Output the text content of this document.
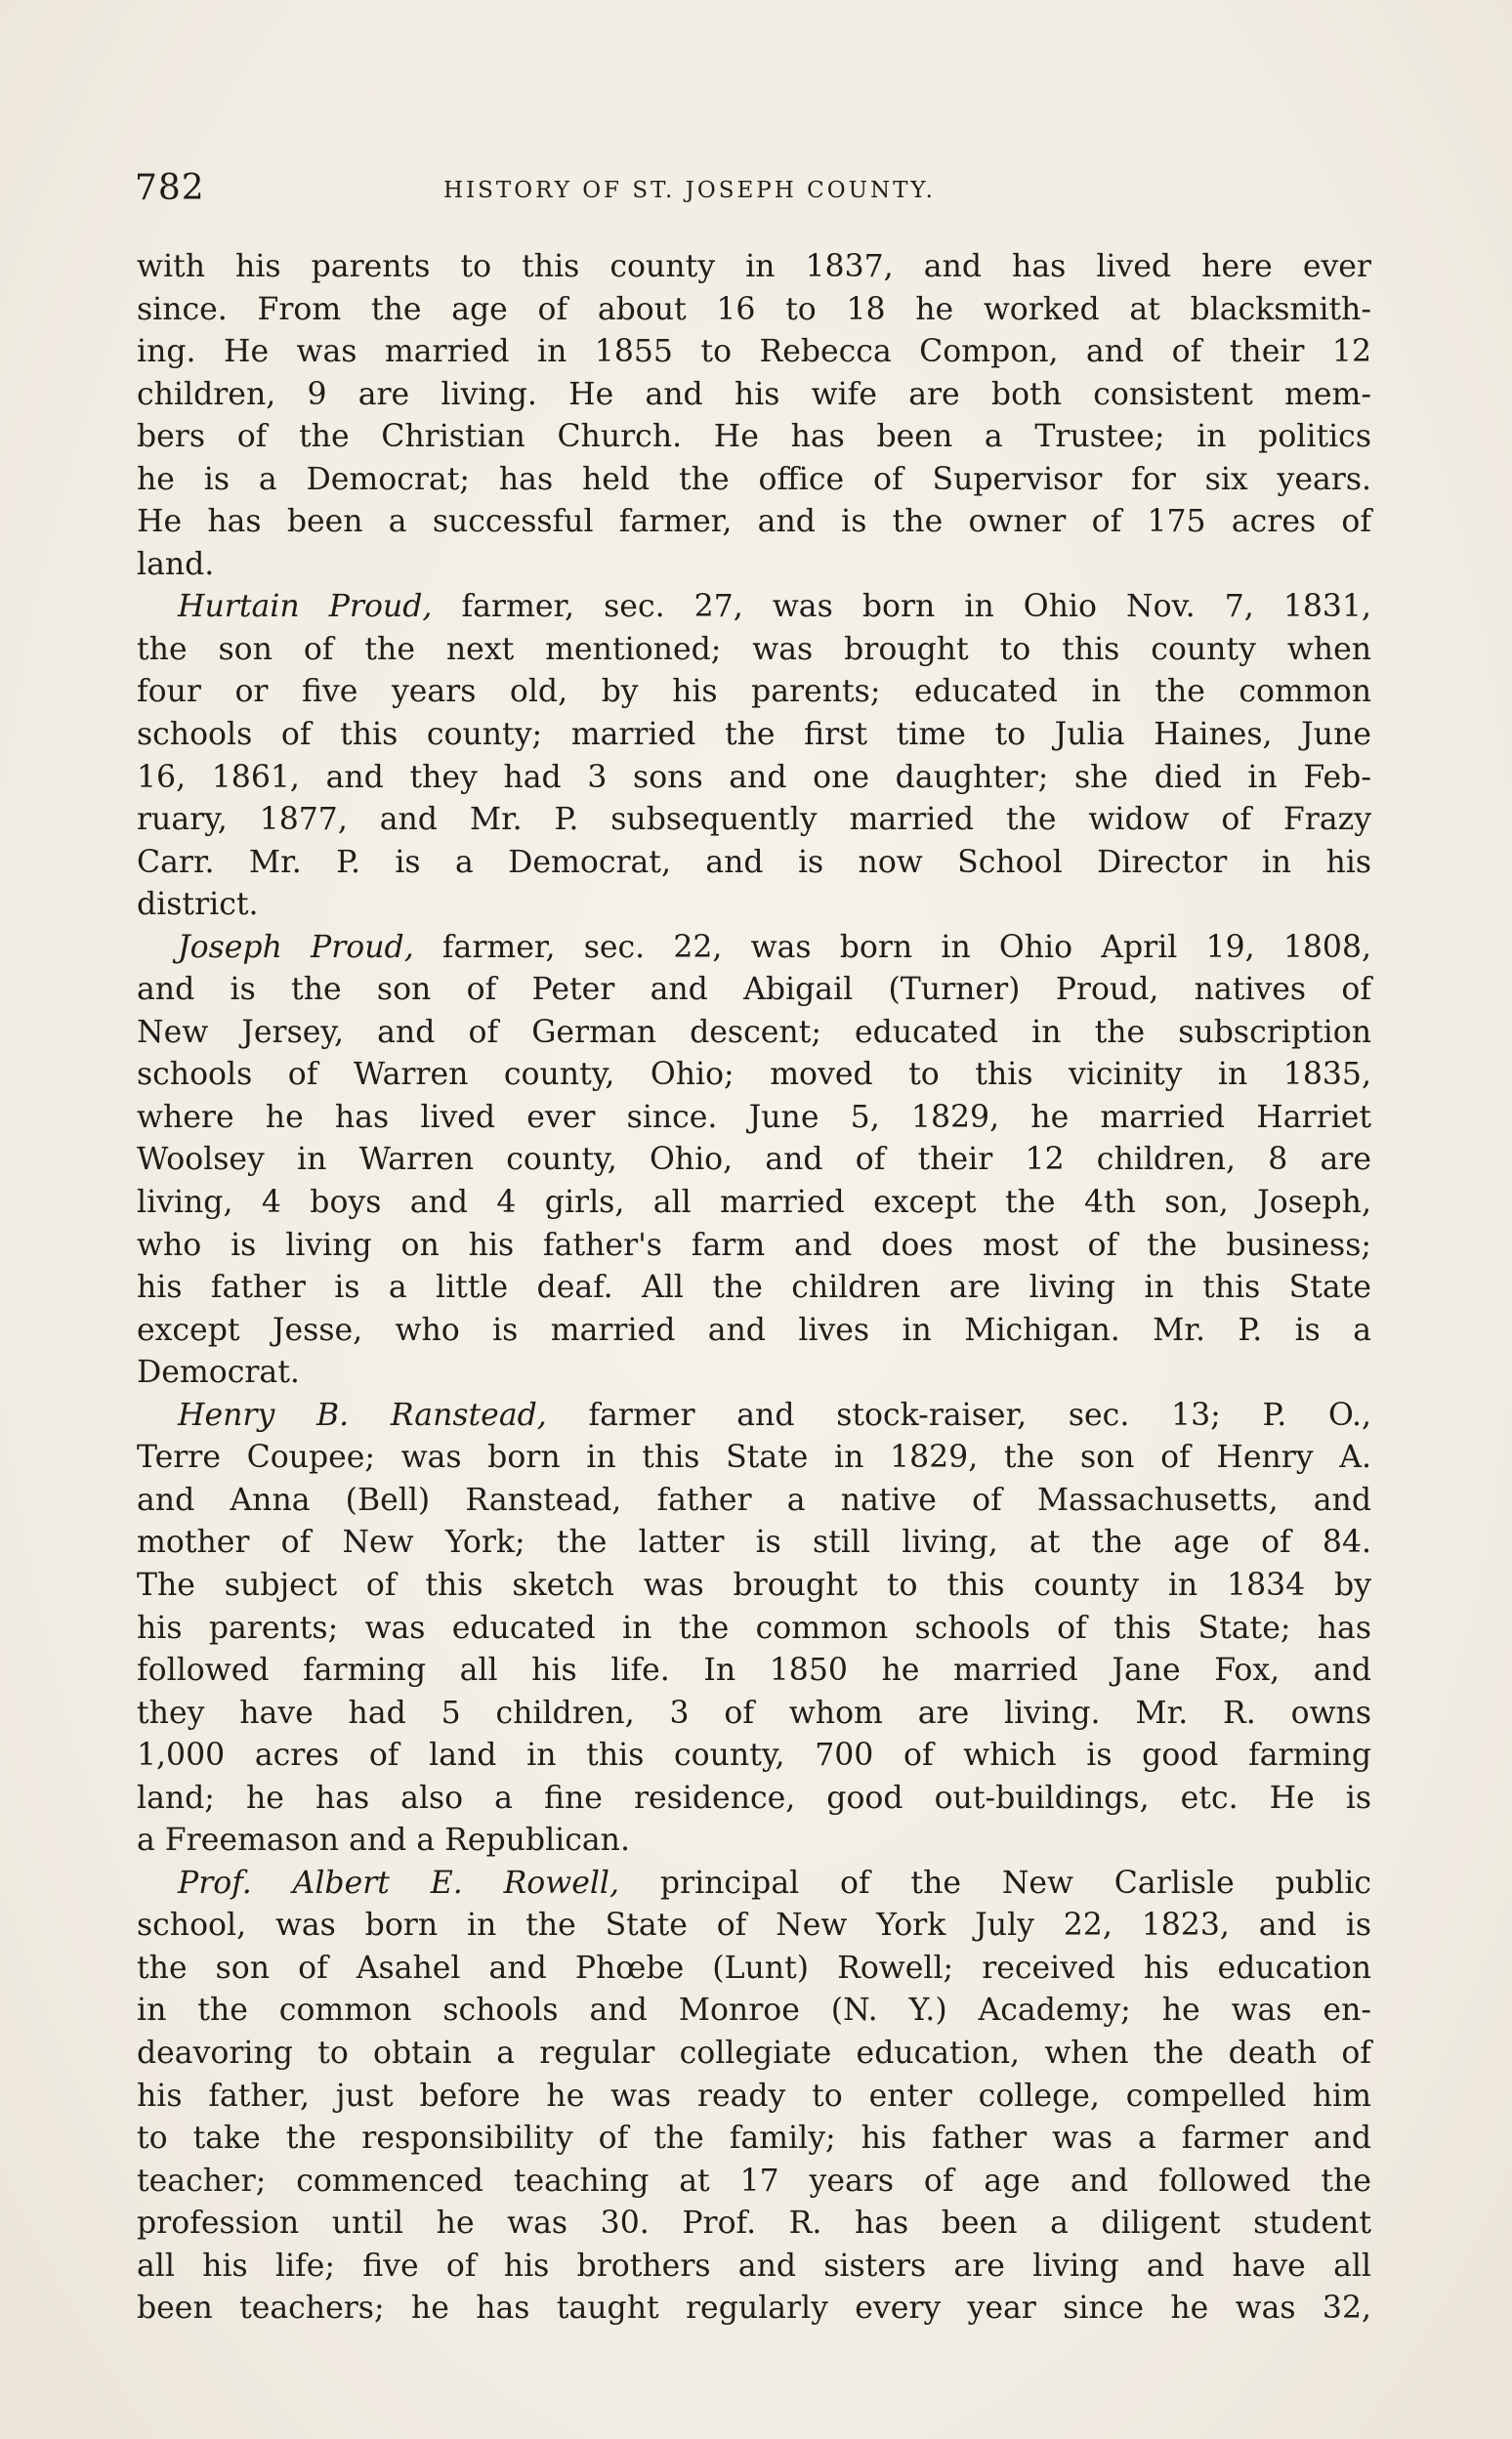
782	HISTORY OF ST. JOSEPH COUNTY.
with his parents to this county in 1837, and has lived here ever
since. From the age of about 16 to 18 he worked at blacksmith-
ing. He was married in 1855 to Rebecca Compon, and of their 12
children, 9 are living. He and his wife are both consistent mem-
bers of the Christian Church. He has been a Trustee; in politics
he is a Democrat; has held the office of Supervisor for six years.
He has been a successful farmer, and is the owner of 175 acres of
land.
Hurtain Proud, farmer, sec. 27, was born in Ohio Nov. 7, 1831,
the son of the next mentioned; was brought to this county when
four or five years old, by his parents; educated in the common
schools of this county; married the first time to Julia Haines, June
16, 1861, and they had 3 sons and one daughter; she died in Feb-
ruary, 1877, and Mr. P. subsequently married the widow of Frazy
Carr. Mr. P. is a Democrat, and is now School Director in his
district.
Joseph Proud, farmer, sec. 22, was born in Ohio April 19, 1808,
and is the son of Peter and Abigail (Turner) Proud, natives of
New Jersey, and of German descent; educated in the subscription
schools of Warren county, Ohio; moved to this vicinity in 1835,
where he has lived ever since. June 5, 1829, he married Harriet
Woolsey in Warren county, Ohio, and of their 12 children, 8 are
living, 4 boys and 4 girls, all married except the 4th son, Joseph,
who is living on his father's farm and does most of the business;
his father is a little deaf. All the children are living in this State
except Jesse, who is married and lives in Michigan. Mr. P. is a
Democrat.
Henry B. Ranstead, farmer and stock-raiser, sec. 13; P. O.,
Terre Coupee; was born in this State in 1829, the son of Henry A.
and Anna (Bell) Ranstead, father a native of Massachusetts, and
mother of New York; the latter is still living, at the age of 84.
The subject of this sketch was brought to this county in 1834 by
his parents; was educated in the common schools of this State; has
followed farming all his life. In 1850 he married Jane Fox, and
they have had 5 children, 3 of whom are living. Mr. R. owns
1,000 acres of land in this county, 700 of which is good farming
land; he has also a fine residence, good out-buildings, etc. He is
a Freemason and a Republican.
Prof. Albert E. Rowell, principal of the New Carlisle public
school, was born in the State of New York July 22, 1823, and is
the son of Asahel and Phœbe (Lunt) Rowell; received his education
in the common schools and Monroe (N. Y.) Academy; he was en-
deavoring to obtain a regular collegiate education, when the death of
his father, just before he was ready to enter college, compelled him
to take the responsibility of the family; his father was a farmer and
teacher; commenced teaching at 17 years of age and followed the
profession until he was 30. Prof. R. has been a diligent student
all his life; five of his brothers and sisters are living and have all
been teachers; he has taught regularly every year since he was 32,
